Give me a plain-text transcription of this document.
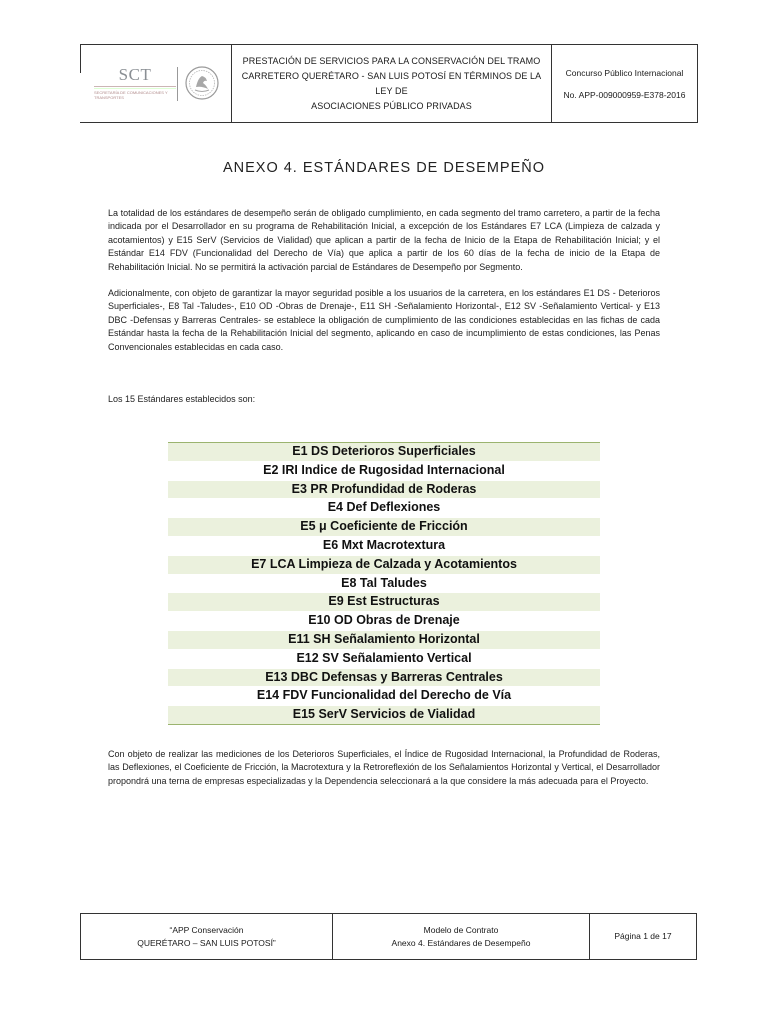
SCT
SECRETARÍA DE COMUNICACIONES Y TRANSPORTES
PRESTACIÓN DE SERVICIOS PARA LA CONSERVACIÓN DEL TRAMO
CARRETERO QUERÉTARO - SAN LUIS POTOSÍ EN TÉRMINOS DE LA LEY DE
ASOCIACIONES PÚBLICO PRIVADAS
Concurso Público Internacional
No. APP-009000959-E378-2016
ANEXO 4. ESTÁNDARES DE DESEMPEÑO

La totalidad de los estándares de desempeño serán de obligado cumplimiento, en cada segmento del tramo carretero, a partir de la fecha indicada por el Desarrollador en su programa de Rehabilitación Inicial, a excepción de los Estándares E7 LCA (Limpieza de calzada y acotamientos) y E15 SerV (Servicios de Vialidad) que aplican a partir de la fecha de Inicio de la Etapa de Rehabilitación Inicial; y el Estándar E14 FDV (Funcionalidad del Derecho de Vía) que aplica a partir de los 60 días de la fecha de inicio de la Etapa de Rehabilitación Inicial. No se permitirá la activación parcial de Estándares de Desempeño por Segmento.

Adicionalmente, con objeto de garantizar la mayor seguridad posible a los usuarios de la carretera, en los estándares E1 DS - Deterioros Superficiales-, E8 Tal -Taludes-, E10 OD -Obras de Drenaje-, E11 SH -Señalamiento Horizontal-, E12 SV -Señalamiento Vertical- y E13 DBC -Defensas y Barreras Centrales- se establece la obligación de cumplimiento de las condiciones establecidas en las fichas de cada Estándar hasta la fecha de la Rehabilitación Inicial del segmento, aplicando en caso de incumplimiento de estas condiciones, las Penas Convencionales establecidas en cada caso.

Los 15 Estándares establecidos son:

E1 DS Deterioros Superficiales
E2 IRI Indice de Rugosidad Internacional
E3 PR Profundidad de Roderas
E4 Def Deflexiones
E5 μ Coeficiente de Fricción
E6 Mxt Macrotextura
E7 LCA Limpieza de Calzada y Acotamientos
E8 Tal Taludes
E9 Est Estructuras
E10 OD Obras de Drenaje
E11 SH Señalamiento Horizontal
E12 SV Señalamiento Vertical
E13 DBC Defensas y Barreras Centrales
E14 FDV Funcionalidad del Derecho de Vía
E15 SerV Servicios de Vialidad

Con objeto de realizar las mediciones de los Deterioros Superficiales, el Índice de Rugosidad Internacional, la Profundidad de Roderas, las Deflexiones, el Coeficiente de Fricción, la Macrotextura y la Retroreflexión de los Señalamientos Horizontal y Vertical, el Desarrollador propondrá una terna de empresas especializadas y la Dependencia seleccionará a la que considere la más adecuada para el Proyecto.

“APP Conservación
QUERÉTARO – SAN LUIS POTOSÍ”
Modelo de Contrato
Anexo 4. Estándares de Desempeño
Página 1 de 17
